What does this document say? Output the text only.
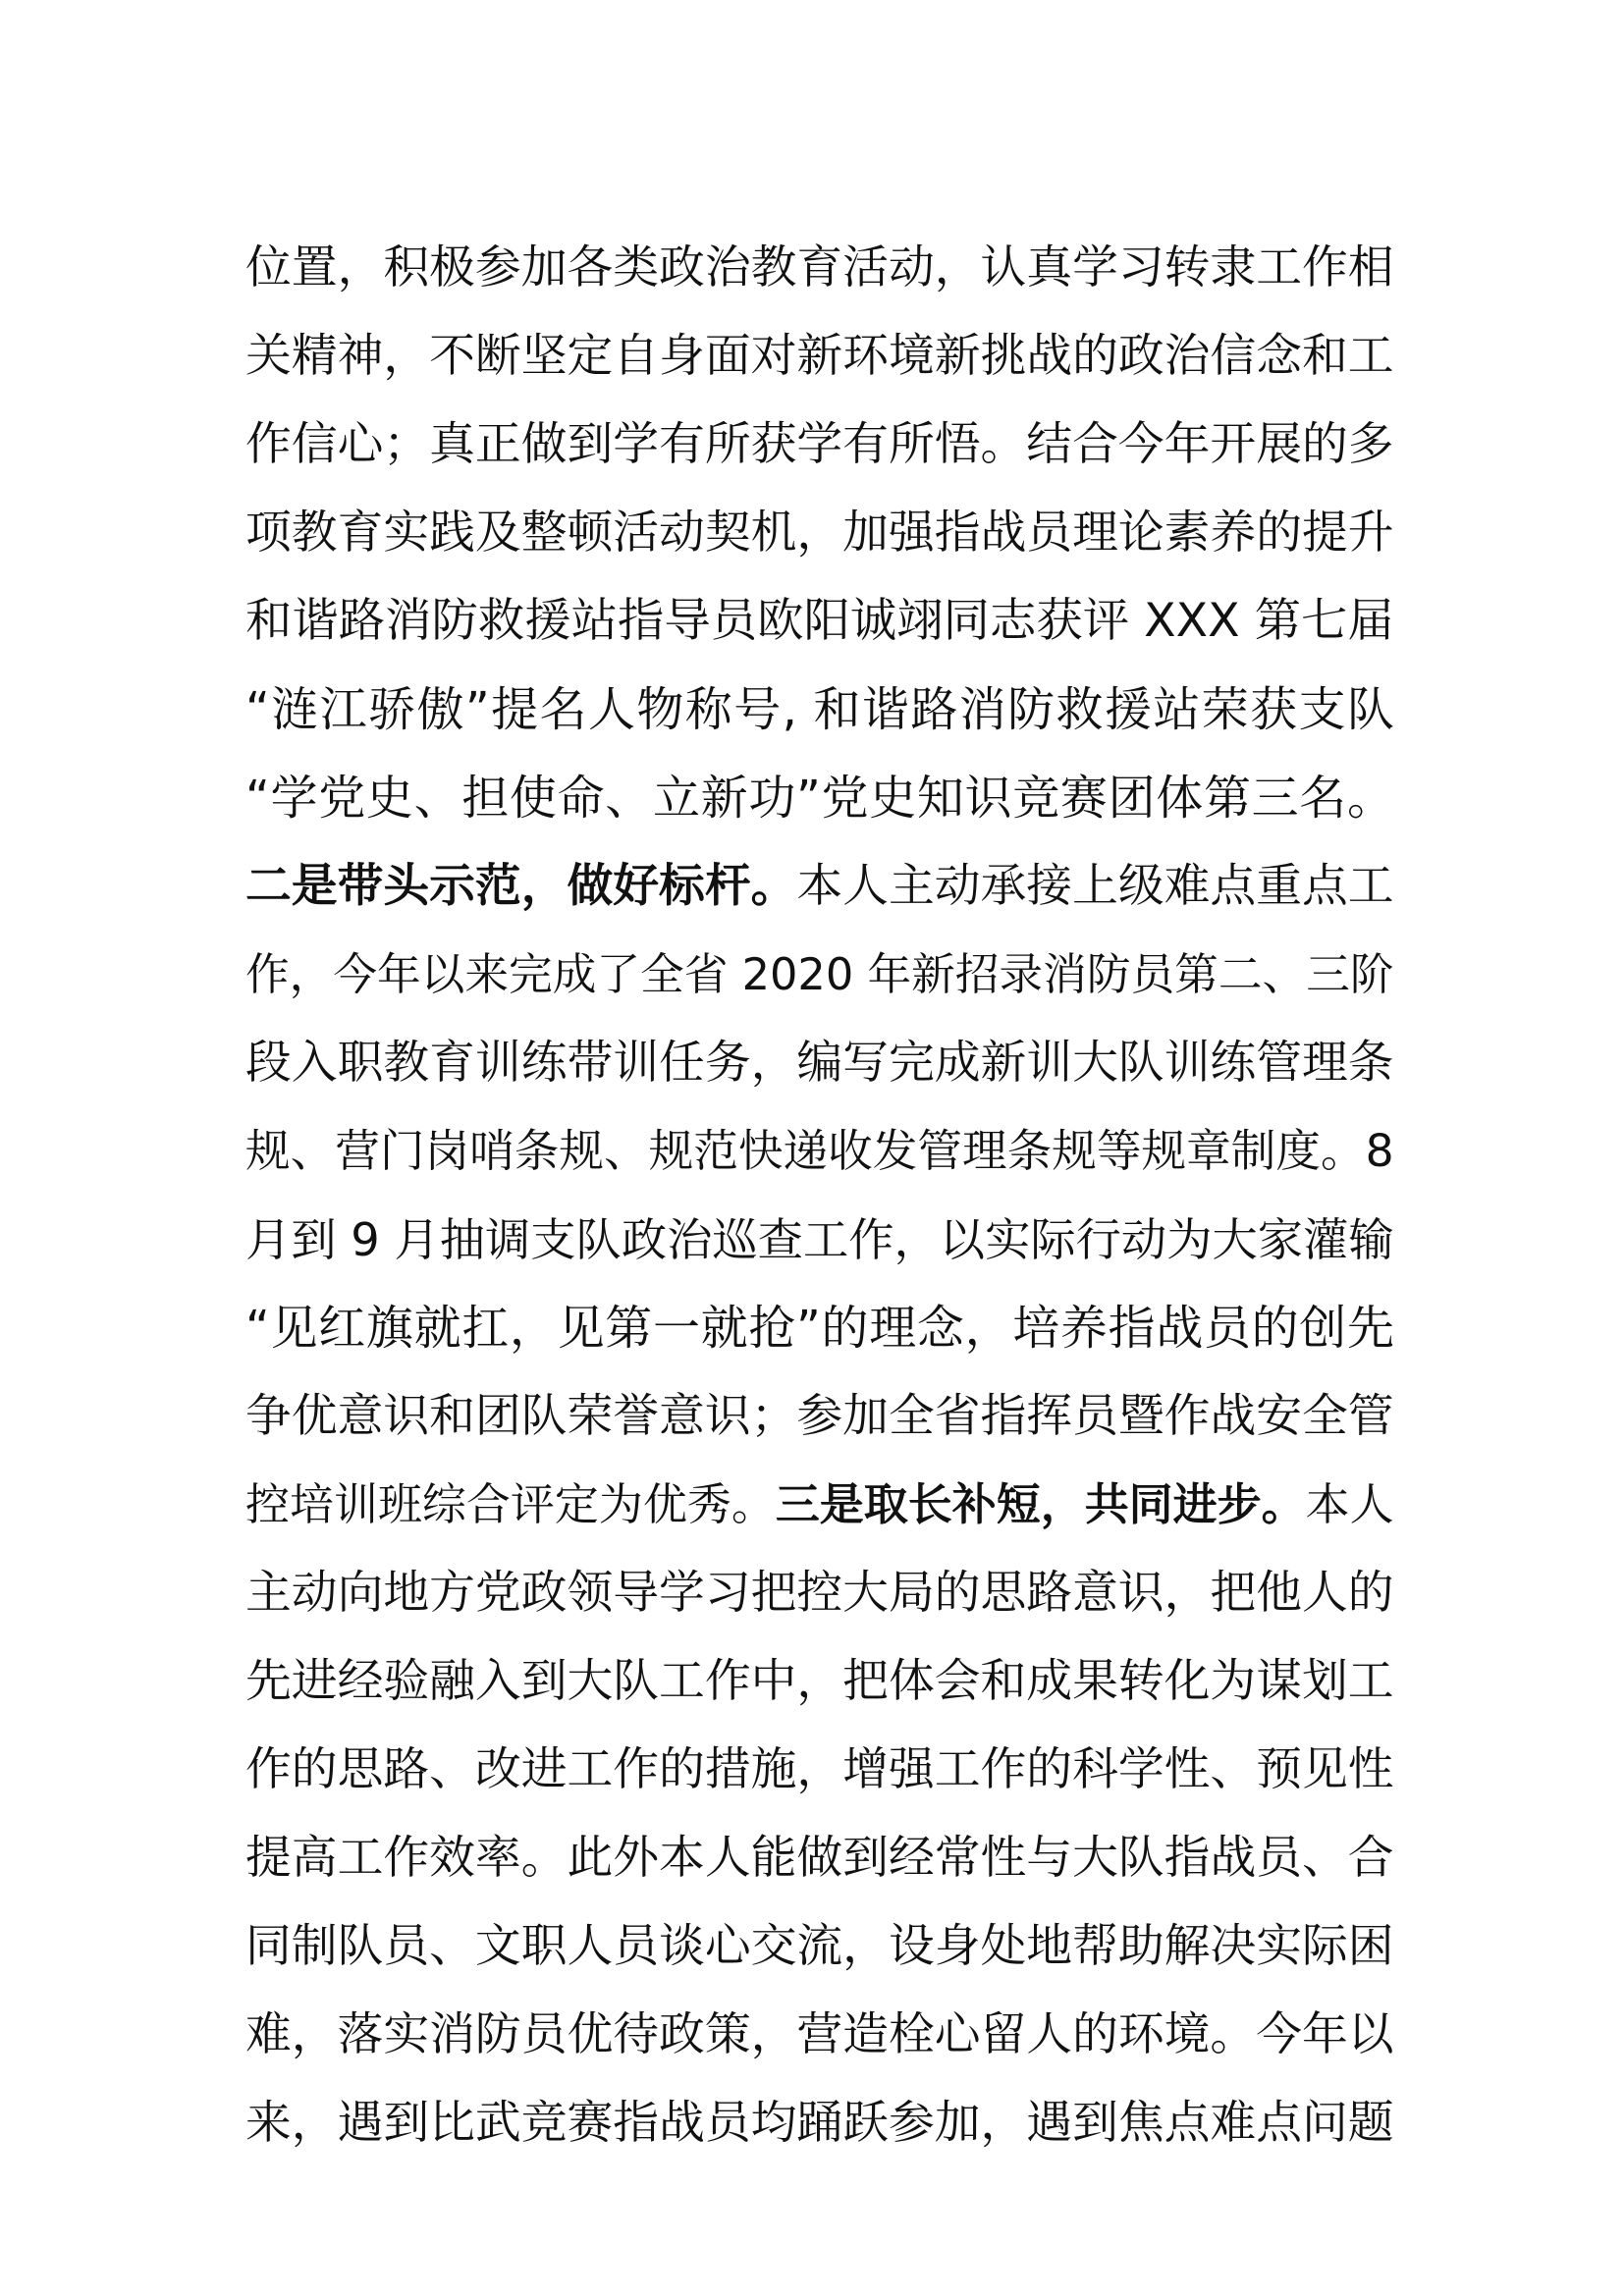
位置，积极参加各类政治教育活动，认真学习转隶工作相
关精神，不断坚定自身面对新环境新挑战的政治信念和工
作信心；真正做到学有所获学有所悟。结合今年开展的多
项教育实践及整顿活动契机，加强指战员理论素养的提升
和谐路消防救援站指导员欧阳诚翊同志获评 XXX 第七届
“涟江骄傲”提名人物称号, 和谐路消防救援站荣获支队
“学党史、担使命、立新功”党史知识竞赛团体第三名。
二是带头示范，做好标杆。本人主动承接上级难点重点工
作，今年以来完成了全省 2020 年新招录消防员第二、三阶
段入职教育训练带训任务，编写完成新训大队训练管理条
规、营门岗哨条规、规范快递收发管理条规等规章制度。8
月到 9 月抽调支队政治巡查工作，以实际行动为大家灌输
“见红旗就扛，见第一就抢”的理念，培养指战员的创先
争优意识和团队荣誉意识；参加全省指挥员暨作战安全管
控培训班综合评定为优秀。三是取长补短，共同进步。本人
主动向地方党政领导学习把控大局的思路意识，把他人的
先进经验融入到大队工作中，把体会和成果转化为谋划工
作的思路、改进工作的措施，增强工作的科学性、预见性
提高工作效率。此外本人能做到经常性与大队指战员、合
同制队员、文职人员谈心交流，设身处地帮助解决实际困
难，落实消防员优待政策，营造栓心留人的环境。今年以
来，遇到比武竞赛指战员均踊跃参加，遇到焦点难点问题
